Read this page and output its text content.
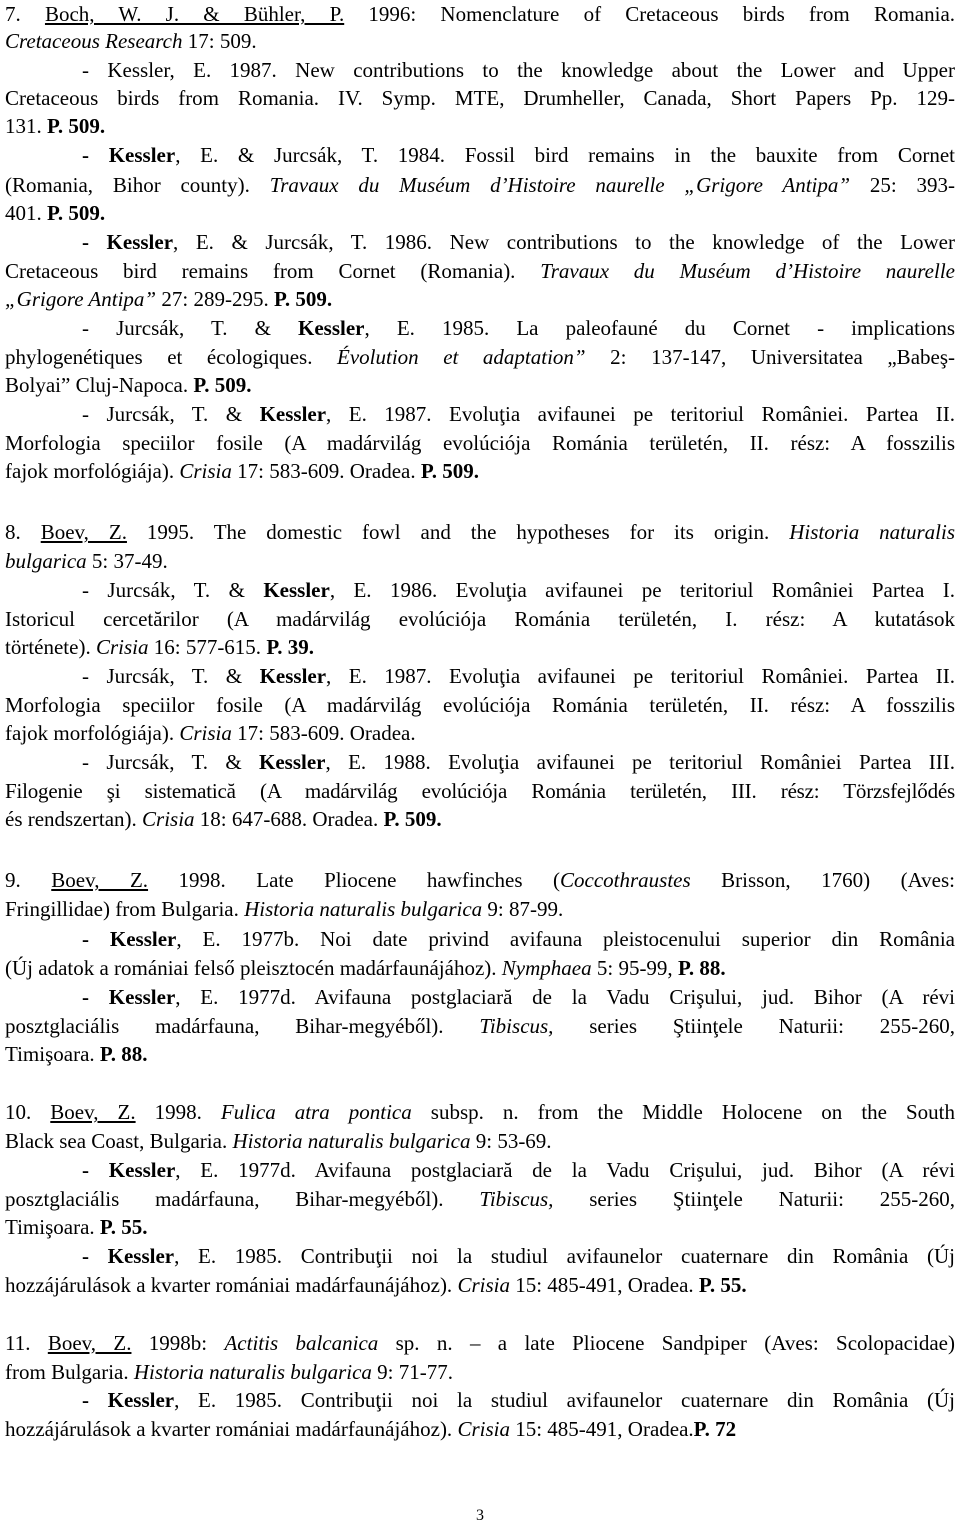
7. Boch, W. J. & Bühler, P. 1996: Nomenclature of Cretaceous birds from Romania.
Cretaceous Research 17: 509.
- Kessler, E. 1987. New contributions to the knowledge about the Lower and Upper
Cretaceous birds from Romania. IV. Symp. MTE, Drumheller, Canada, Short Papers Pp. 129-
131. P. 509.
- Kessler, E. & Jurcsák, T. 1984. Fossil bird remains in the bauxite from Cornet
(Romania, Bihor county). Travaux du Muséum d’Histoire naurelle „Grigore Antipa” 25: 393-
401. P. 509.
- Kessler, E. & Jurcsák, T. 1986. New contributions to the knowledge of the Lower
Cretaceous bird remains from Cornet (Romania). Travaux du Muséum d’Histoire naurelle
„Grigore Antipa” 27: 289-295. P. 509.
- Jurcsák, T. & Kessler, E. 1985. La paleofauné du Cornet - implications
phylogenétiques et écologiques. Évolution et adaptation” 2: 137-147, Universitatea „Babeş-
Bolyai” Cluj-Napoca. P. 509.
- Jurcsák, T. & Kessler, E. 1987. Evoluţia avifaunei pe teritoriul României. Partea II.
Morfologia speciilor fosile (A madárvilág evolúciója Románia területén, II. rész: A fosszilis
fajok morfológiája). Crisia 17: 583-609. Oradea. P. 509.
8. Boev, Z. 1995. The domestic fowl and the hypotheses for its origin. Historia naturalis
bulgarica 5: 37-49.
- Jurcsák, T. & Kessler, E. 1986. Evoluţia avifaunei pe teritoriul României Partea I.
Istoricul cercetărilor (A madárvilág evolúciója Románia területén, I. rész: A kutatások
története). Crisia 16: 577-615. P. 39.
- Jurcsák, T. & Kessler, E. 1987. Evoluţia avifaunei pe teritoriul României. Partea II.
Morfologia speciilor fosile (A madárvilág evolúciója Románia területén, II. rész: A fosszilis
fajok morfológiája). Crisia 17: 583-609. Oradea.
- Jurcsák, T. & Kessler, E. 1988. Evoluţia avifaunei pe teritoriul României Partea III.
Filogenie şi sistematică (A madárvilág evolúciója Románia területén, III. rész: Törzsfejlődés
és rendszertan). Crisia 18: 647-688. Oradea. P. 509.
9. Boev, Z. 1998. Late Pliocene hawfinches (Coccothraustes Brisson, 1760) (Aves:
Fringillidae) from Bulgaria. Historia naturalis bulgarica 9: 87-99.
- Kessler, E. 1977b. Noi date privind avifauna pleistocenului superior din România
(Új adatok a romániai felső pleisztocén madárfaunájához). Nymphaea 5: 95-99, P. 88.
- Kessler, E. 1977d. Avifauna postglaciară de la Vadu Crişului, jud. Bihor (A révi
posztglaciális madárfauna, Bihar-megyéből). Tibiscus, series Ştiinţele Naturii: 255-260,
Timişoara. P. 88.
10. Boev, Z. 1998. Fulica atra pontica subsp. n. from the Middle Holocene on the South
Black sea Coast, Bulgaria. Historia naturalis bulgarica 9: 53-69.
- Kessler, E. 1977d. Avifauna postglaciară de la Vadu Crişului, jud. Bihor (A révi
posztglaciális madárfauna, Bihar-megyéből). Tibiscus, series Ştiinţele Naturii: 255-260,
Timişoara. P. 55.
- Kessler, E. 1985. Contribuţii noi la studiul avifaunelor cuaternare din România (Új
hozzájárulások a kvarter romániai madárfaunájához). Crisia 15: 485-491, Oradea. P. 55.
11. Boev, Z. 1998b: Actitis balcanica sp. n. – a late Pliocene Sandpiper (Aves: Scolopacidae)
from Bulgaria. Historia naturalis bulgarica 9: 71-77.
- Kessler, E. 1985. Contribuţii noi la studiul avifaunelor cuaternare din România (Új
hozzájárulások a kvarter romániai madárfaunájához). Crisia 15: 485-491, Oradea.P. 72
3
